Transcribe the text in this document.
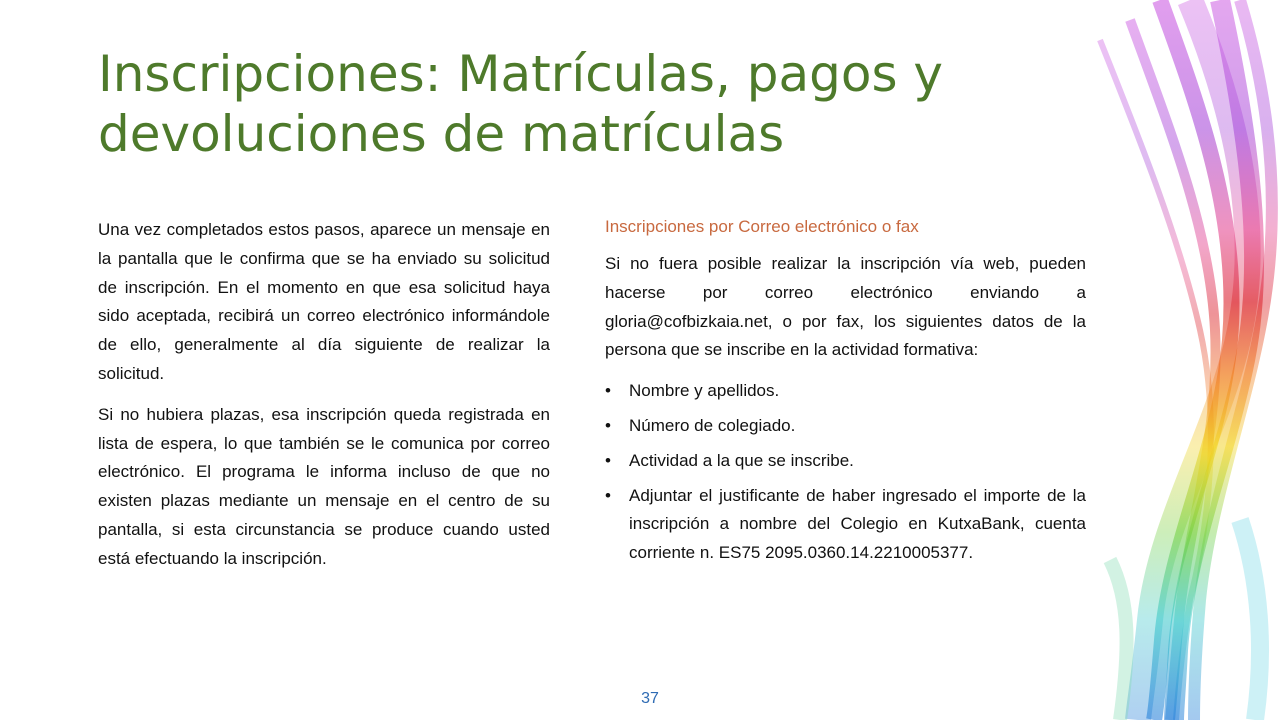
Inscripciones: Matrículas, pagos y devoluciones de matrículas

Una vez completados estos pasos, aparece un mensaje en la pantalla que le confirma que se ha enviado su solicitud de inscripción. En el momento en que esa solicitud haya sido aceptada, recibirá un correo electrónico informándole de ello, generalmente al día siguiente de realizar la solicitud.

Si no hubiera plazas, esa inscripción queda registrada en lista de espera, lo que también se le comunica por correo electrónico. El programa le informa incluso de que no existen plazas mediante un mensaje en el centro de su pantalla, si esta circunstancia se produce cuando usted está efectuando la inscripción.

Inscripciones por Correo electrónico o fax

Si no fuera posible realizar la inscripción vía web, pueden hacerse por correo electrónico enviando a gloria@cofbizkaia.net, o por fax, los siguientes datos de la persona que se inscribe en la actividad formativa:

• Nombre y apellidos.
• Número de colegiado.
• Actividad a la que se inscribe.
• Adjuntar el justificante de haber ingresado el importe de la inscripción a nombre del Colegio en KutxaBank, cuenta corriente n. ES75 2095.0360.14.2210005377.
37
